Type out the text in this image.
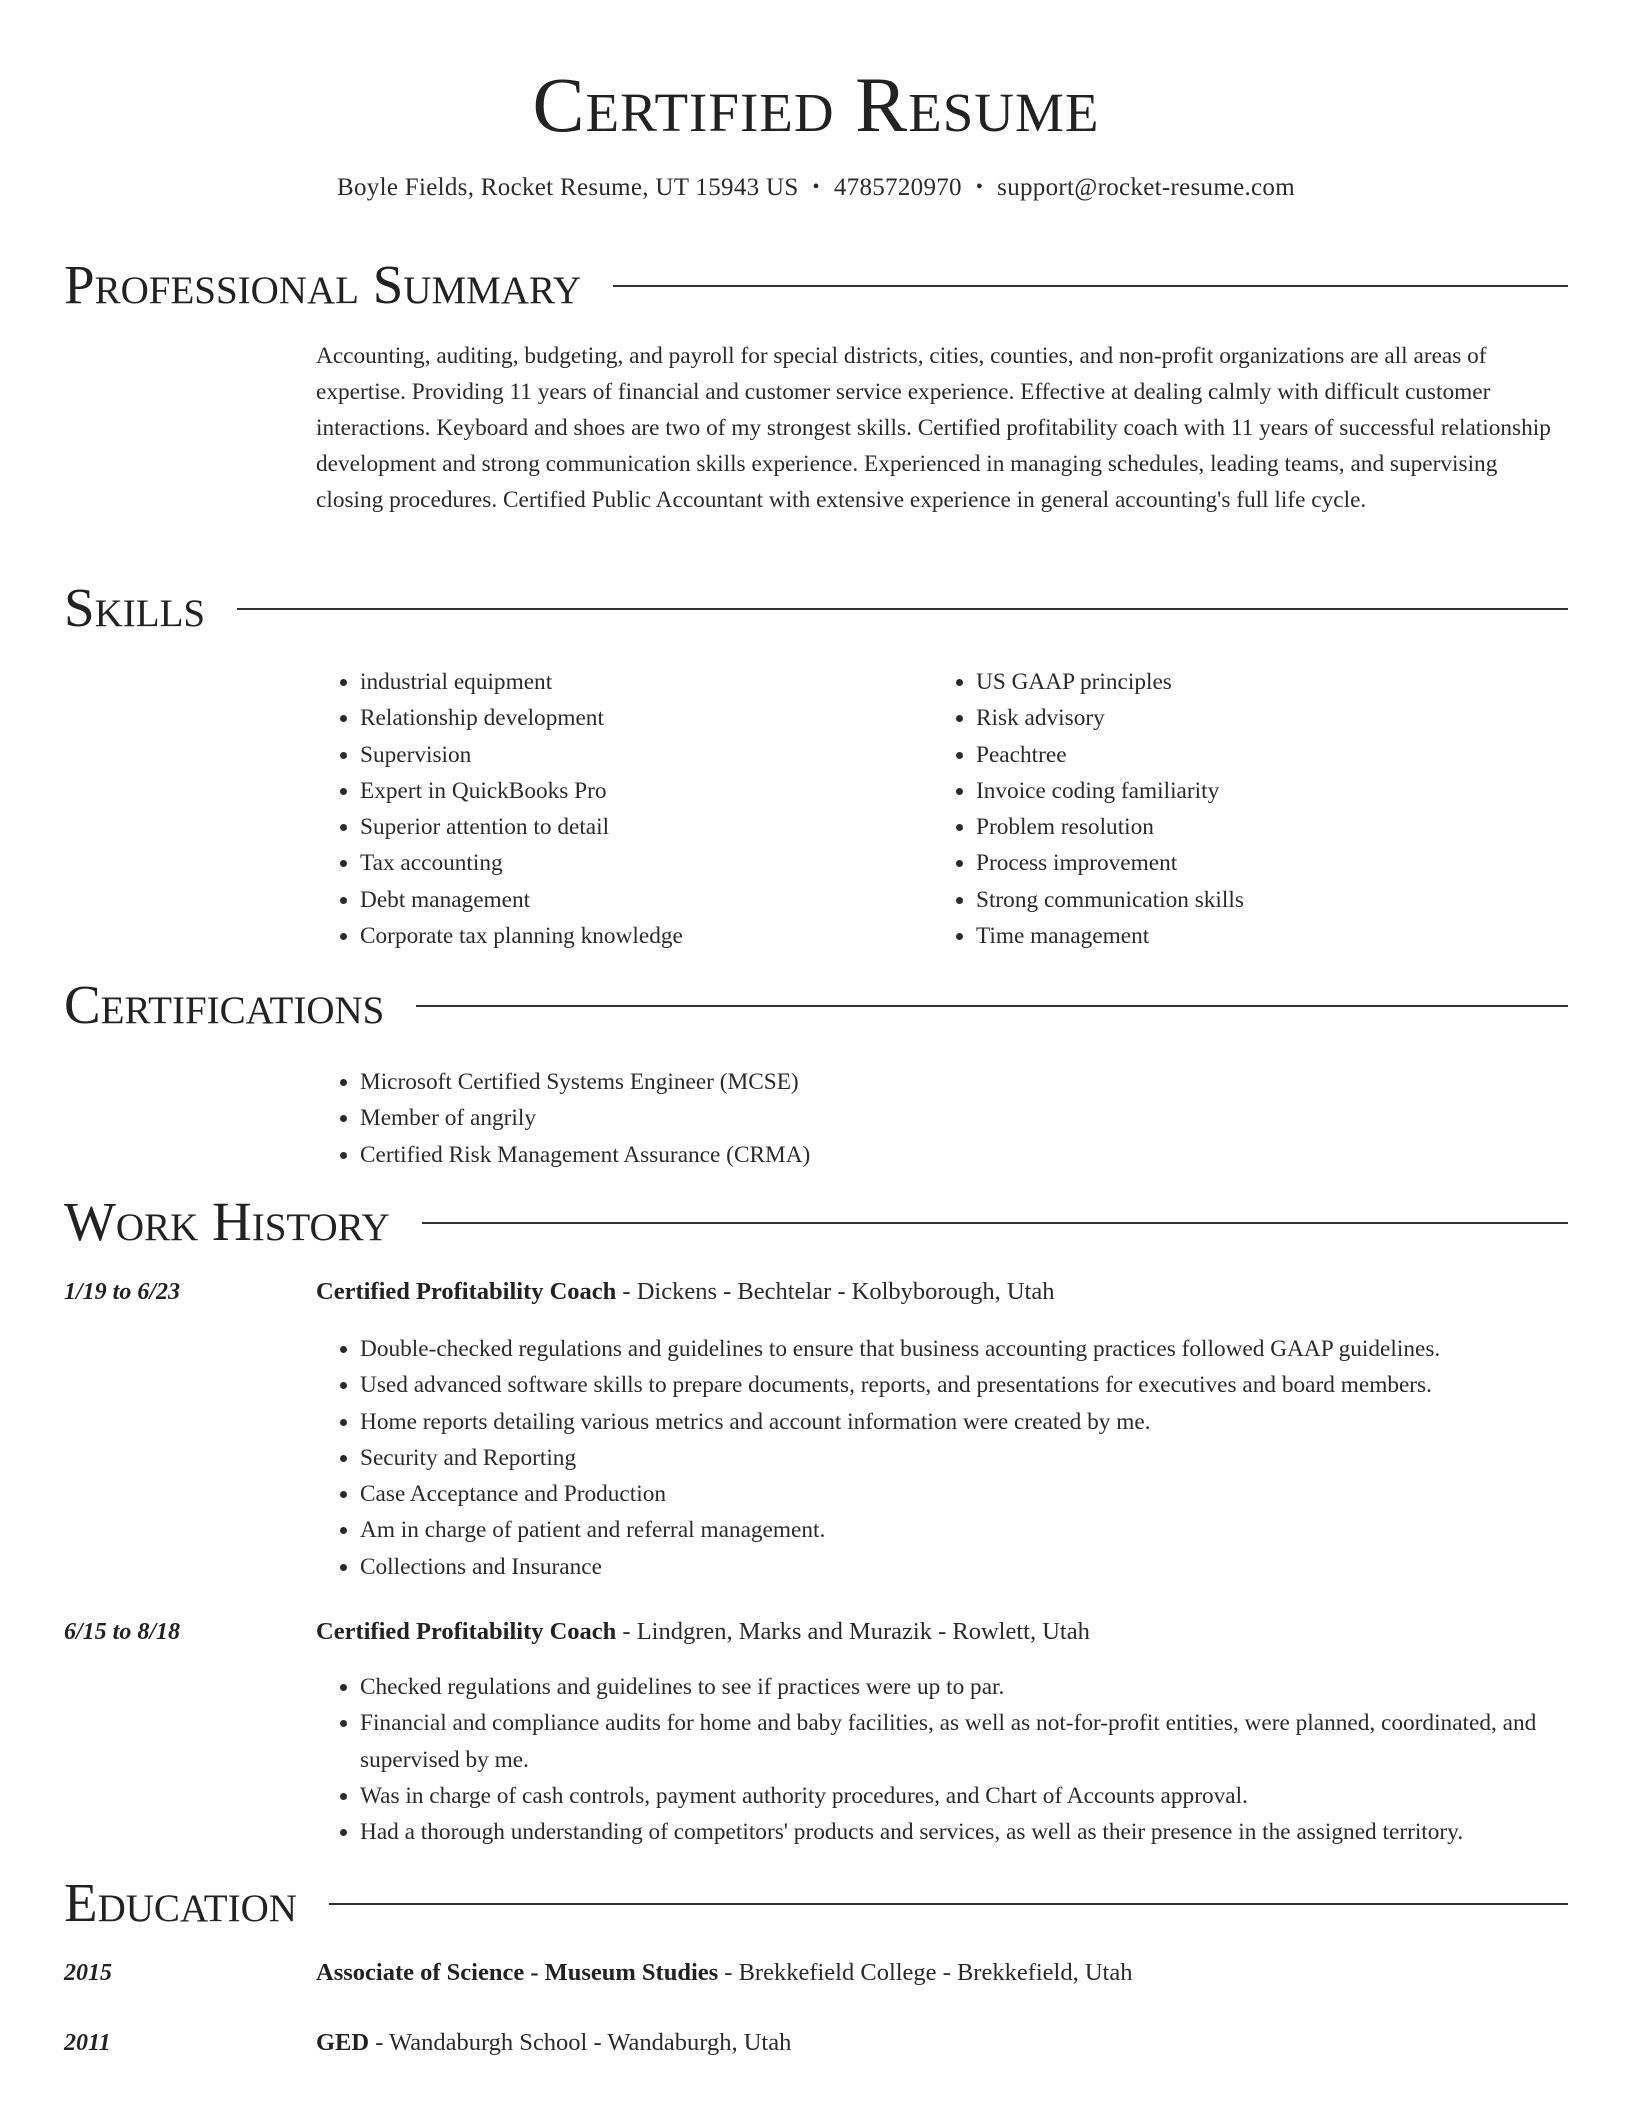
Certified Resume
Boyle Fields, Rocket Resume, UT 15943 US • 4785720970 • support@rocket-resume.com
Professional Summary
Accounting, auditing, budgeting, and payroll for special districts, cities, counties, and non-profit organizations are all areas of expertise. Providing 11 years of financial and customer service experience. Effective at dealing calmly with difficult customer interactions. Keyboard and shoes are two of my strongest skills. Certified profitability coach with 11 years of successful relationship development and strong communication skills experience. Experienced in managing schedules, leading teams, and supervising closing procedures. Certified Public Accountant with extensive experience in general accounting's full life cycle.
Skills
• industrial equipment
• Relationship development
• Supervision
• Expert in QuickBooks Pro
• Superior attention to detail
• Tax accounting
• Debt management
• Corporate tax planning knowledge
• US GAAP principles
• Risk advisory
• Peachtree
• Invoice coding familiarity
• Problem resolution
• Process improvement
• Strong communication skills
• Time management
Certifications
• Microsoft Certified Systems Engineer (MCSE)
• Member of angrily
• Certified Risk Management Assurance (CRMA)
Work History
1/19 to 6/23	Certified Profitability Coach - Dickens - Bechtelar - Kolbyborough, Utah
• Double-checked regulations and guidelines to ensure that business accounting practices followed GAAP guidelines.
• Used advanced software skills to prepare documents, reports, and presentations for executives and board members.
• Home reports detailing various metrics and account information were created by me.
• Security and Reporting
• Case Acceptance and Production
• Am in charge of patient and referral management.
• Collections and Insurance
6/15 to 8/18	Certified Profitability Coach - Lindgren, Marks and Murazik - Rowlett, Utah
• Checked regulations and guidelines to see if practices were up to par.
• Financial and compliance audits for home and baby facilities, as well as not-for-profit entities, were planned, coordinated, and supervised by me.
• Was in charge of cash controls, payment authority procedures, and Chart of Accounts approval.
• Had a thorough understanding of competitors' products and services, as well as their presence in the assigned territory.
Education
2015	Associate of Science - Museum Studies - Brekkefield College - Brekkefield, Utah
2011	GED - Wandaburgh School - Wandaburgh, Utah
